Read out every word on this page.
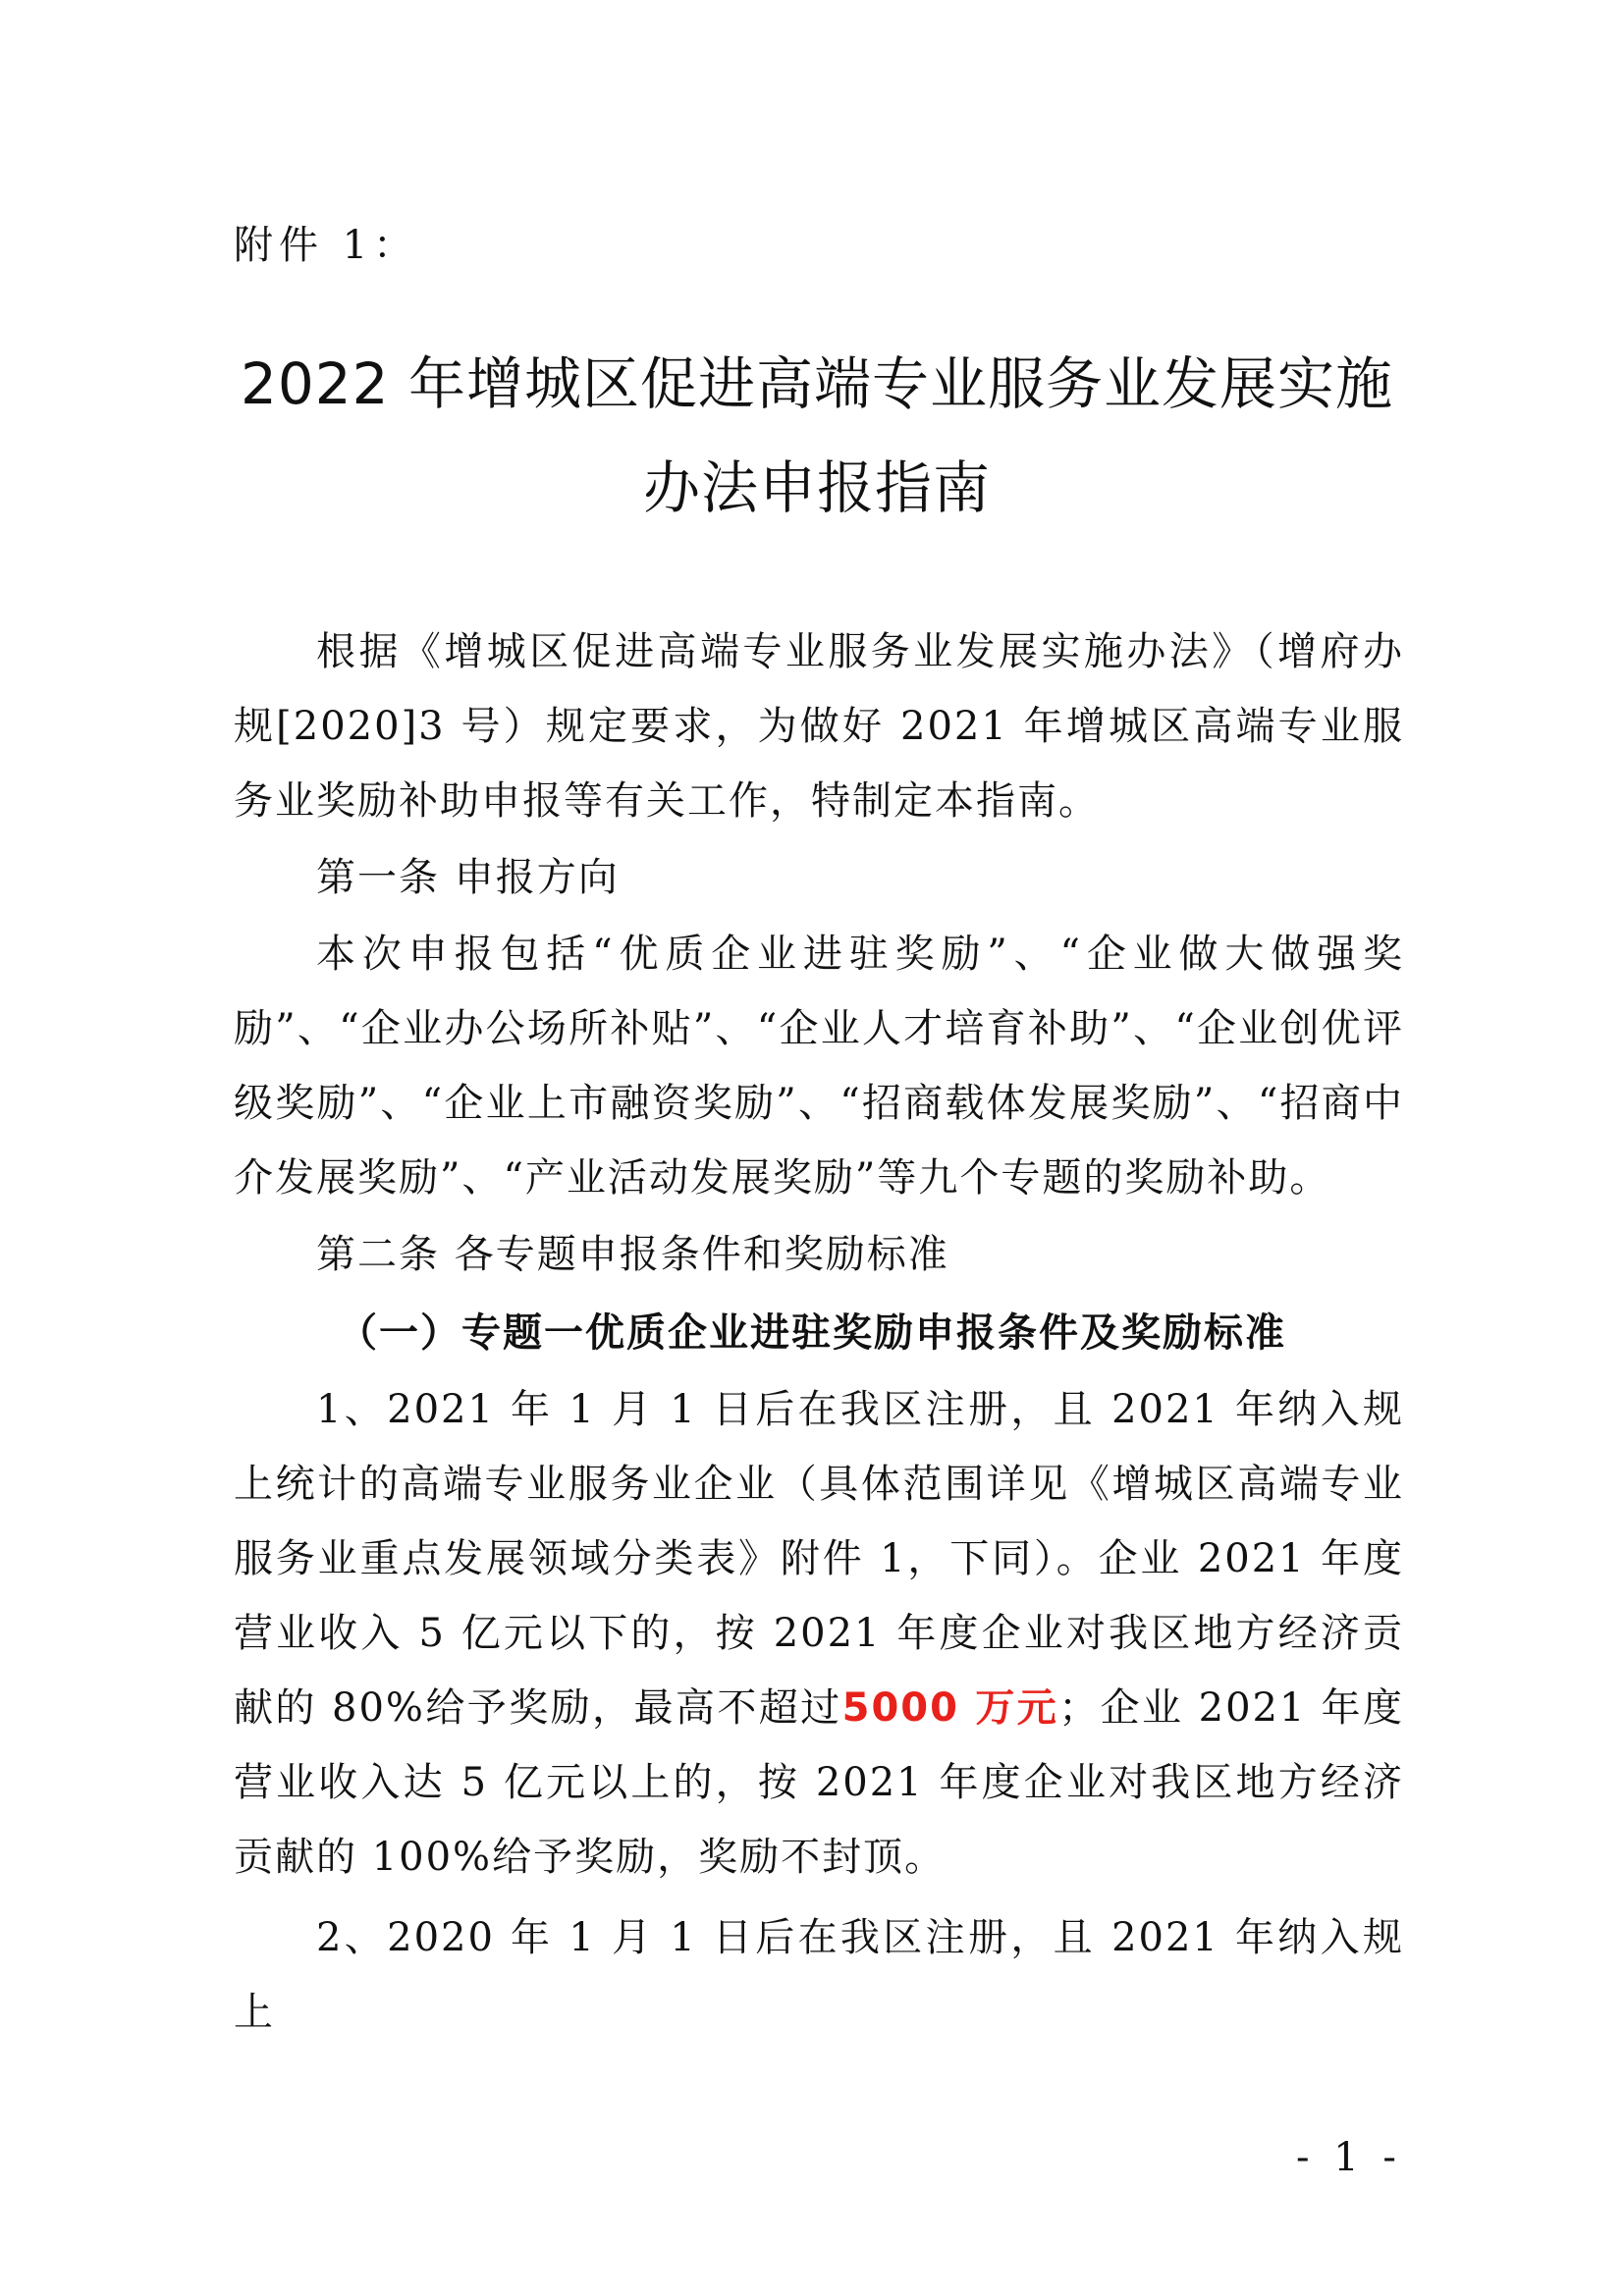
附件 1：
2022 年增城区促进高端专业服务业发展实施
办法申报指南

根据《增城区促进高端专业服务业发展实施办法》（增府办规[2020]3 号）规定要求，为做好 2021 年增城区高端专业服务业奖励补助申报等有关工作，特制定本指南。

第一条 申报方向

本次申报包括“优质企业进驻奖励”、“企业做大做强奖励”、“企业办公场所补贴”、“企业人才培育补助”、“企业创优评级奖励”、“企业上市融资奖励”、“招商载体发展奖励”、“招商中介发展奖励”、“产业活动发展奖励”等九个专题的奖励补助。

第二条 各专题申报条件和奖励标准

（一）专题一优质企业进驻奖励申报条件及奖励标准

1、2021 年 1 月 1 日后在我区注册，且 2021 年纳入规上统计的高端专业服务业企业（具体范围详见《增城区高端专业服务业重点发展领域分类表》附件 1，下同）。企业 2021 年度营业收入 5 亿元以下的，按 2021 年度企业对我区地方经济贡献的 80%给予奖励，最高不超过5000 万元；企业 2021 年度营业收入达 5 亿元以上的，按 2021 年度企业对我区地方经济贡献的 100%给予奖励，奖励不封顶。

2、2020 年 1 月 1 日后在我区注册，且 2021 年纳入规上

- 1 -
